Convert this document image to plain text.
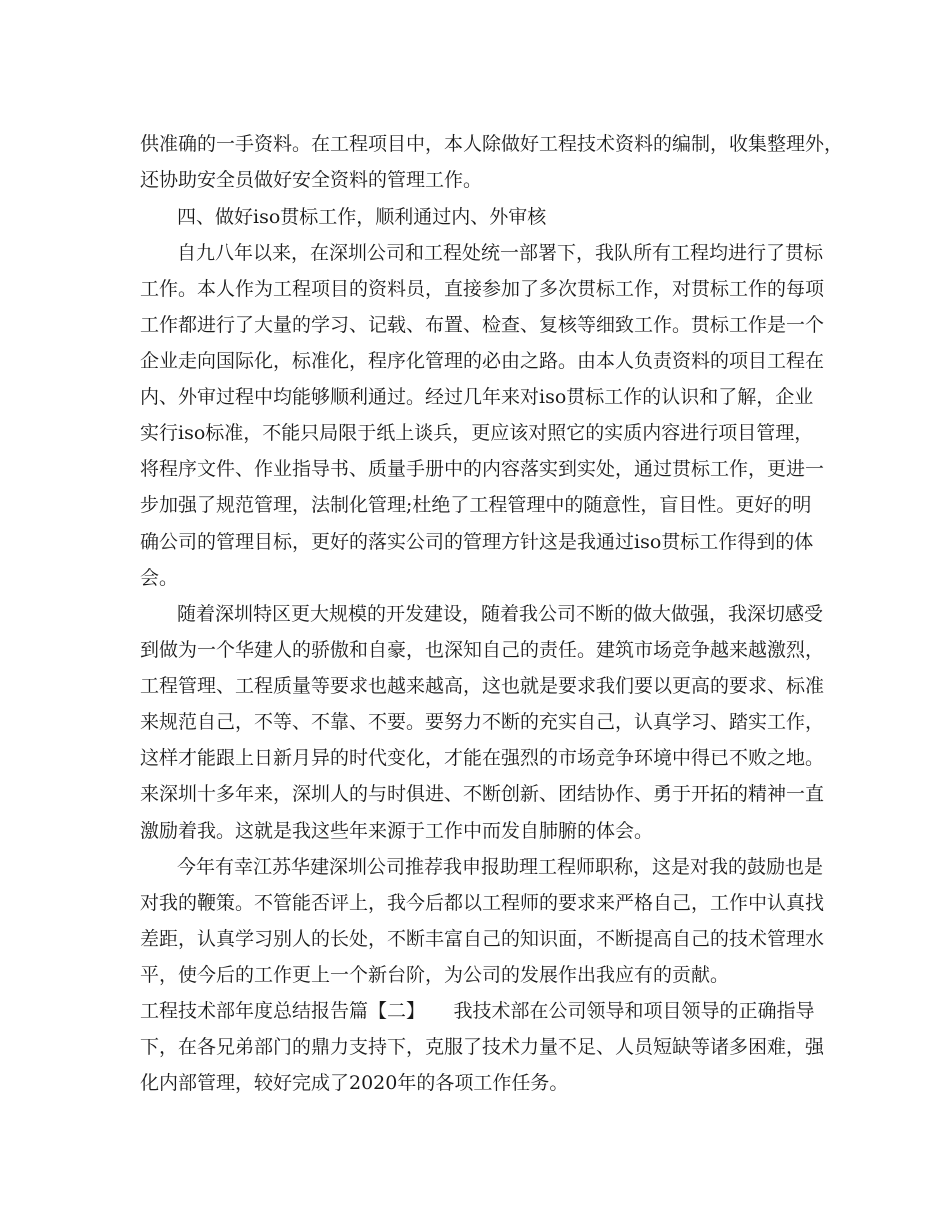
供准确的一手资料。在工程项目中，本人除做好工程技术资料的编制，收集整理外，
还协助安全员做好安全资料的管理工作。
四、做好iso贯标工作，顺利通过内、外审核
自九八年以来，在深圳公司和工程处统一部署下，我队所有工程均进行了贯标
工作。本人作为工程项目的资料员，直接参加了多次贯标工作，对贯标工作的每项
工作都进行了大量的学习、记载、布置、检查、复核等细致工作。贯标工作是一个
企业走向国际化，标准化，程序化管理的必由之路。由本人负责资料的项目工程在
内、外审过程中均能够顺利通过。经过几年来对iso贯标工作的认识和了解，企业
实行iso标准，不能只局限于纸上谈兵，更应该对照它的实质内容进行项目管理，
将程序文件、作业指导书、质量手册中的内容落实到实处，通过贯标工作，更进一
步加强了规范管理，法制化管理;杜绝了工程管理中的随意性，盲目性。更好的明
确公司的管理目标，更好的落实公司的管理方针这是我通过iso贯标工作得到的体
会。
随着深圳特区更大规模的开发建设，随着我公司不断的做大做强，我深切感受
到做为一个华建人的骄傲和自豪，也深知自己的责任。建筑市场竞争越来越激烈，
工程管理、工程质量等要求也越来越高，这也就是要求我们要以更高的要求、标准
来规范自己，不等、不靠、不要。要努力不断的充实自己，认真学习、踏实工作，
这样才能跟上日新月异的时代变化，才能在强烈的市场竞争环境中得已不败之地。
来深圳十多年来，深圳人的与时俱进、不断创新、团结协作、勇于开拓的精神一直
激励着我。这就是我这些年来源于工作中而发自肺腑的体会。
今年有幸江苏华建深圳公司推荐我申报助理工程师职称，这是对我的鼓励也是
对我的鞭策。不管能否评上，我今后都以工程师的要求来严格自己，工作中认真找
差距，认真学习别人的长处，不断丰富自己的知识面，不断提高自己的技术管理水
平，使今后的工作更上一个新台阶，为公司的发展作出我应有的贡献。
工程技术部年度总结报告篇【二】　　我技术部在公司领导和项目领导的正确指导
下，在各兄弟部门的鼎力支持下，克服了技术力量不足、人员短缺等诸多困难，强
化内部管理，较好完成了2020年的各项工作任务。
